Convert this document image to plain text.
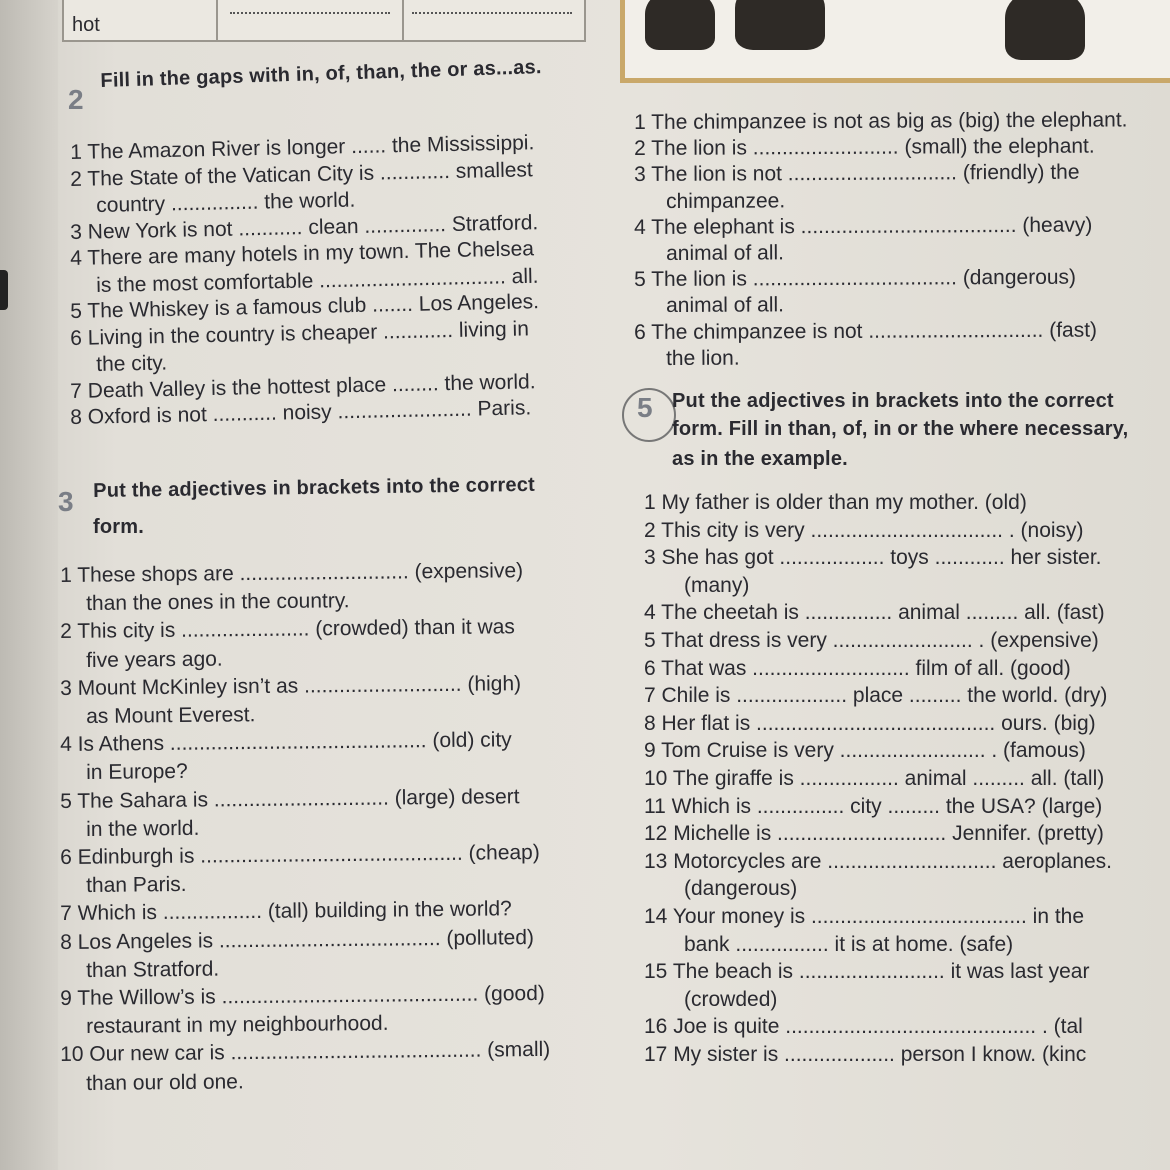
hot
2
Fill in the gaps with in, of, than, the or as...as.
1 The Amazon River is longer ...... the Mississippi.
2 The State of the Vatican City is ............ smallest
country ............... the world.
3 New York is not ........... clean .............. Stratford.
4 There are many hotels in my town. The Chelsea
is the most comfortable ................................ all.
5 The Whiskey is a famous club ....... Los Angeles.
6 Living in the country is cheaper ............ living in
the city.
7 Death Valley is the hottest place ........ the world.
8 Oxford is not ........... noisy ....................... Paris.
3 Put the adjectives in brackets into the correct
form.
1 These shops are ............................. (expensive)
than the ones in the country.
2 This city is ...................... (crowded) than it was
five years ago.
3 Mount McKinley isn’t as ........................... (high)
as Mount Everest.
4 Is Athens ............................................ (old) city
in Europe?
5 The Sahara is .............................. (large) desert
in the world.
6 Edinburgh is ............................................. (cheap)
than Paris.
7 Which is ................. (tall) building in the world?
8 Los Angeles is ...................................... (polluted)
than Stratford.
9 The Willow’s is ............................................ (good)
restaurant in my neighbourhood.
10 Our new car is ........................................... (small)
than our old one.
1 The chimpanzee is not as big as (big) the elephant.
2 The lion is ......................... (small) the elephant.
3 The lion is not ............................. (friendly) the
chimpanzee.
4 The elephant is ..................................... (heavy)
animal of all.
5 The lion is ................................... (dangerous)
animal of all.
6 The chimpanzee is not .............................. (fast)
the lion.
5 Put the adjectives in brackets into the correct
form. Fill in than, of, in or the where necessary,
as in the example.
1 My father is older than my mother. (old)
2 This city is very ................................. . (noisy)
3 She has got .................. toys ............ her sister.
(many)
4 The cheetah is ............... animal ......... all. (fast)
5 That dress is very ........................ . (expensive)
6 That was ........................... film of all. (good)
7 Chile is ................... place ......... the world. (dry)
8 Her flat is ......................................... ours. (big)
9 Tom Cruise is very ......................... . (famous)
10 The giraffe is ................. animal ......... all. (tall)
11 Which is ............... city ......... the USA? (large)
12 Michelle is ............................. Jennifer. (pretty)
13 Motorcycles are ............................. aeroplanes.
(dangerous)
14 Your money is ..................................... in the
bank ................ it is at home. (safe)
15 The beach is ......................... it was last year
(crowded)
16 Joe is quite ........................................... . (tal
17 My sister is ................... person I know. (kinc
